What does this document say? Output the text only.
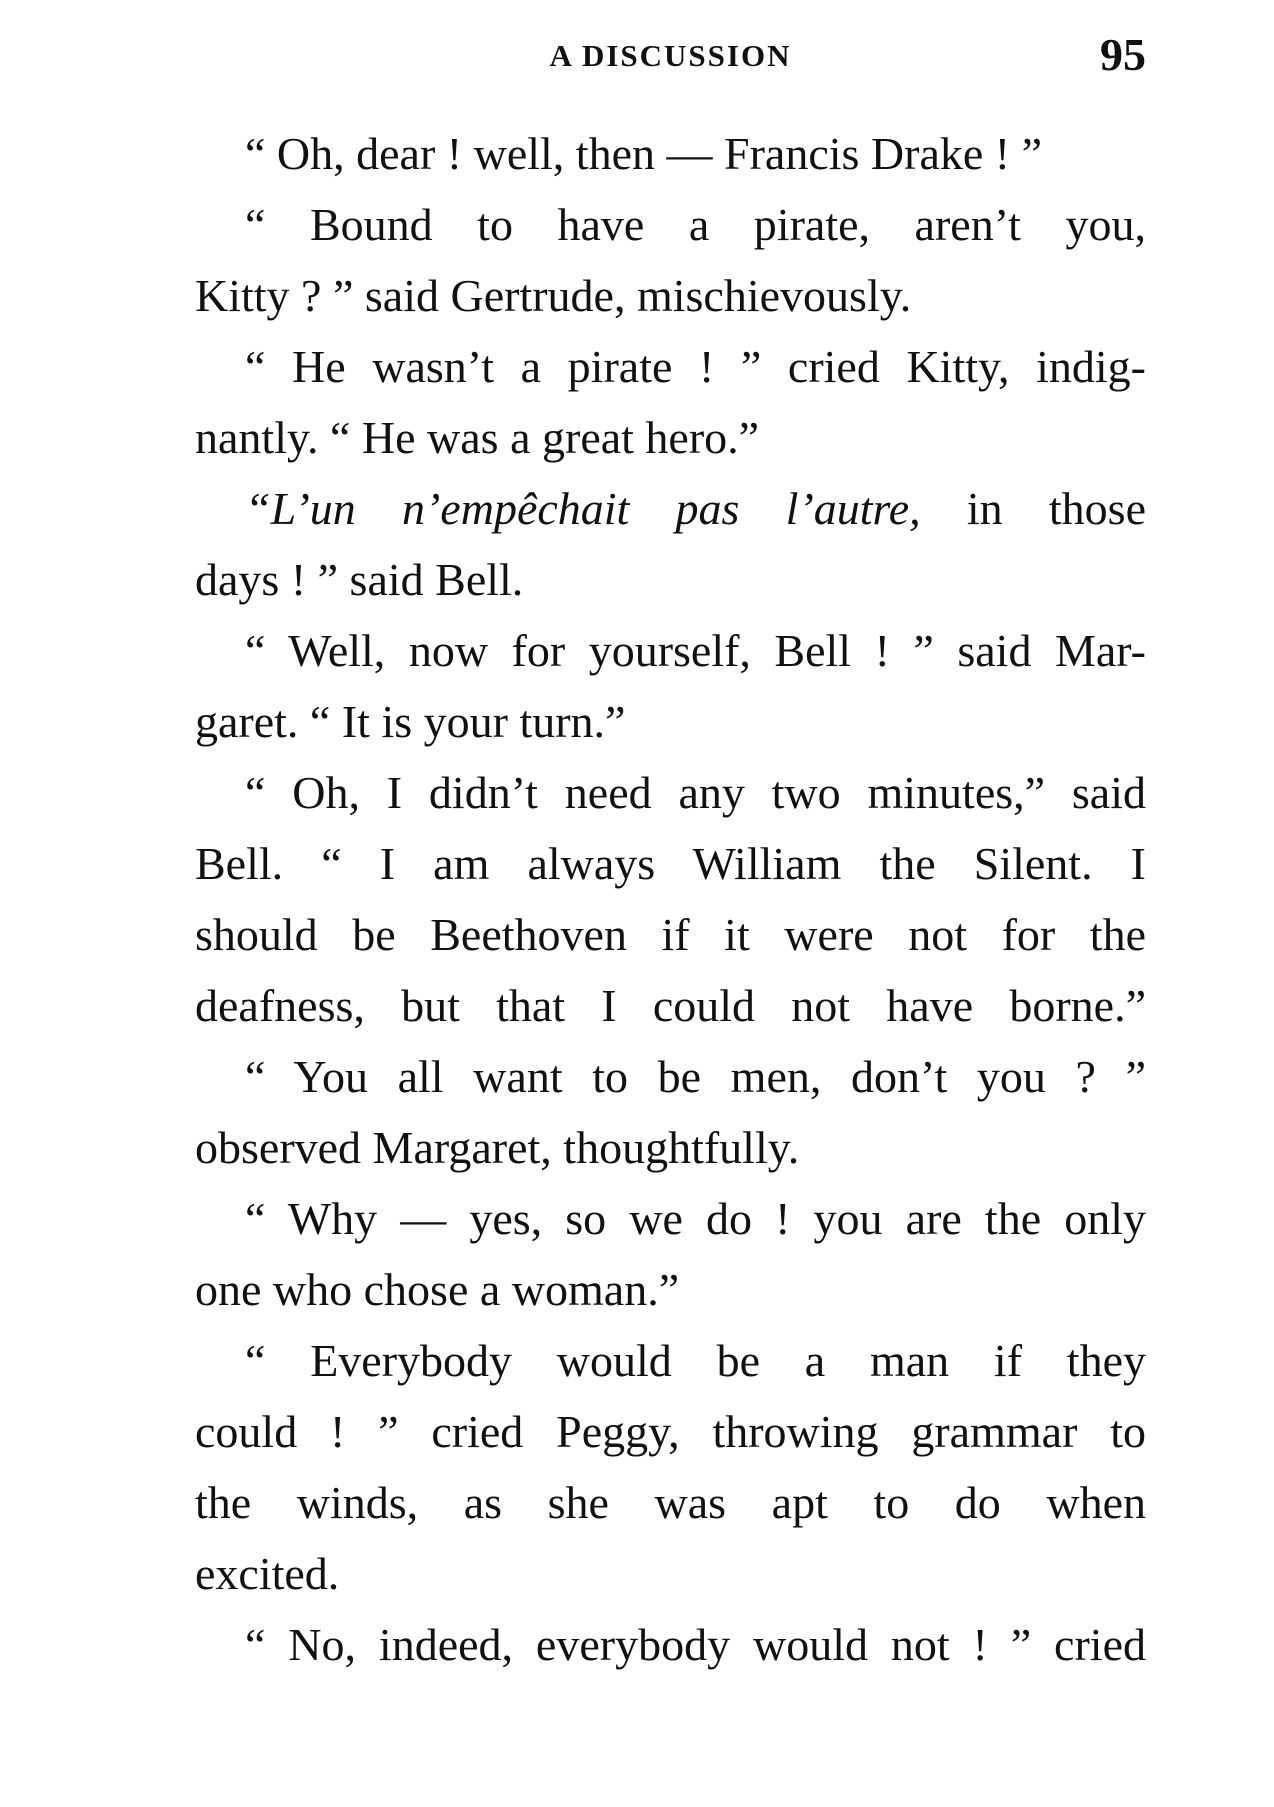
A DISCUSSION	95
“ Oh, dear ! well, then — Francis Drake ! ”
“ Bound to have a pirate, aren’t you,
Kitty ? ” said Gertrude, mischievously.
“ He wasn’t a pirate ! ” cried Kitty, indig-
nantly. “ He was a great hero.”
“L’un n’empêchait pas l’autre, in those
days ! ” said Bell.
“ Well, now for yourself, Bell ! ” said Mar-
garet. “ It is your turn.”
“ Oh, I didn’t need any two minutes,” said
Bell. “ I am always William the Silent. I
should be Beethoven if it were not for the
deafness, but that I could not have borne.”
“ You all want to be men, don’t you ? ”
observed Margaret, thoughtfully.
“ Why — yes, so we do ! you are the only
one who chose a woman.”
“ Everybody would be a man if they
could ! ” cried Peggy, throwing grammar to
the winds, as she was apt to do when
excited.
“ No, indeed, everybody would not ! ” cried
